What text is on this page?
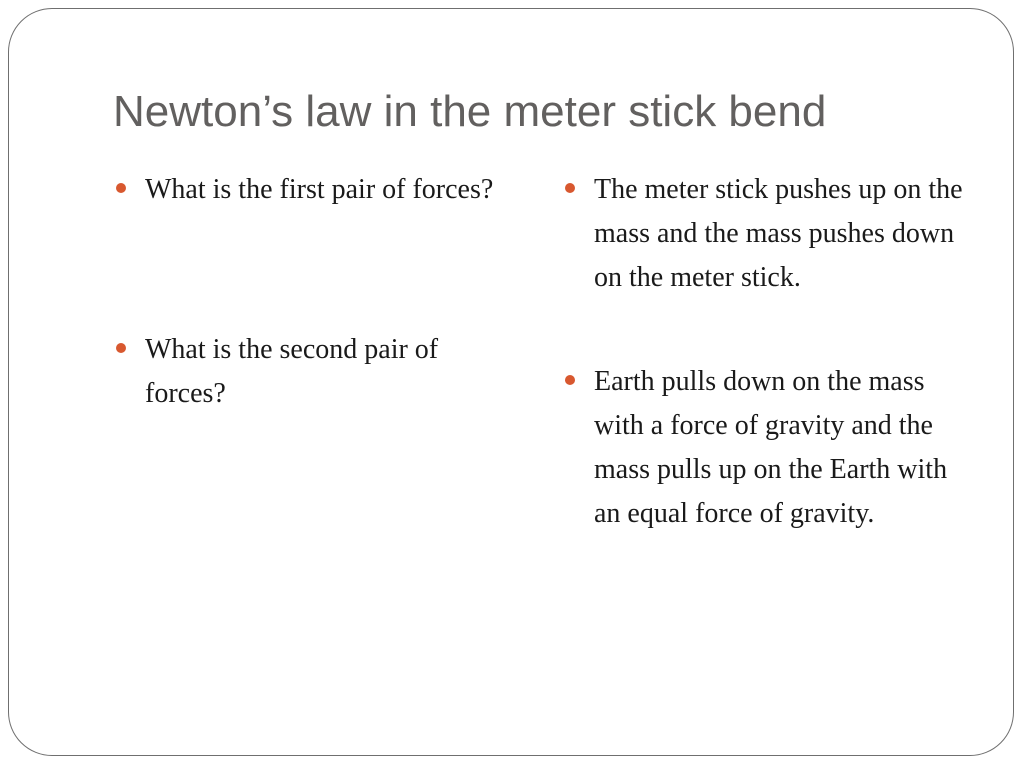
Newton’s law in the meter stick bend
What is the first pair of forces?
What is the second pair of forces?
The meter stick pushes up on the mass and the mass pushes down on the meter stick.
Earth pulls down on the mass with a force of gravity and the mass pulls up on the Earth with an equal force of gravity.
